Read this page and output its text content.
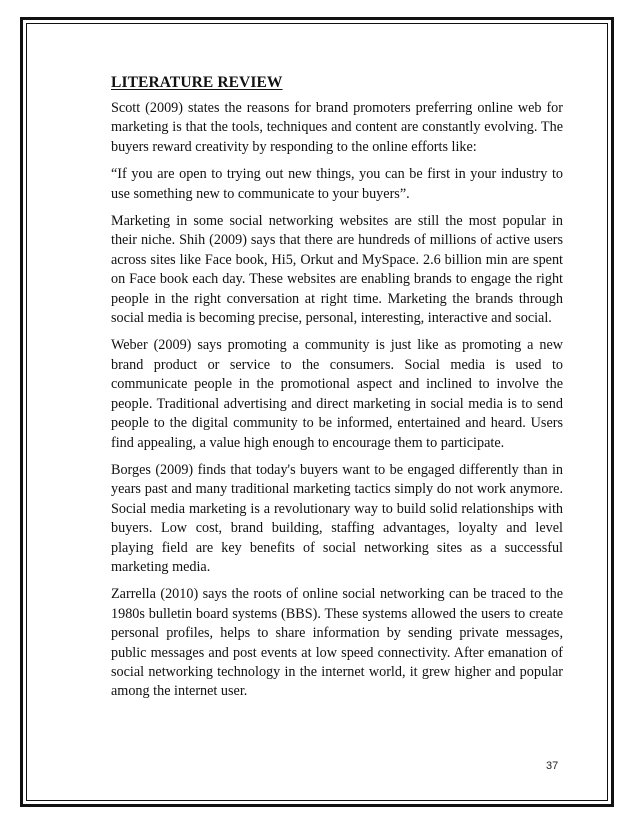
LITERATURE REVIEW

Scott (2009) states the reasons for brand promoters preferring online web for marketing is that the tools, techniques and content are constantly evolving. The buyers reward creativity by responding to the online efforts like:

“If you are open to trying out new things, you can be first in your industry to use something new to communicate to your buyers”.

Marketing in some social networking websites are still the most popular in their niche. Shih (2009) says that there are hundreds of millions of active users across sites like Face book, Hi5, Orkut and MySpace. 2.6 billion min are spent on Face book each day. These websites are enabling brands to engage the right people in the right conversation at right time. Marketing the brands through social media is becoming precise, personal, interesting, interactive and social.

Weber (2009) says promoting a community is just like as promoting a new brand product or service to the consumers. Social media is used to communicate people in the promotional aspect and inclined to involve the people. Traditional advertising and direct marketing in social media is to send people to the digital community to be informed, entertained and heard. Users find appealing, a value high enough to encourage them to participate.

Borges (2009) finds that today's buyers want to be engaged differently than in years past and many traditional marketing tactics simply do not work anymore. Social media marketing is a revolutionary way to build solid relationships with buyers. Low cost, brand building, staffing advantages, loyalty and level playing field are key benefits of social networking sites as a successful marketing media.

Zarrella (2010) says the roots of online social networking can be traced to the 1980s bulletin board systems (BBS). These systems allowed the users to create personal profiles, helps to share information by sending private messages, public messages and post events at low speed connectivity. After emanation of social networking technology in the internet world, it grew higher and popular among the internet user.

37
